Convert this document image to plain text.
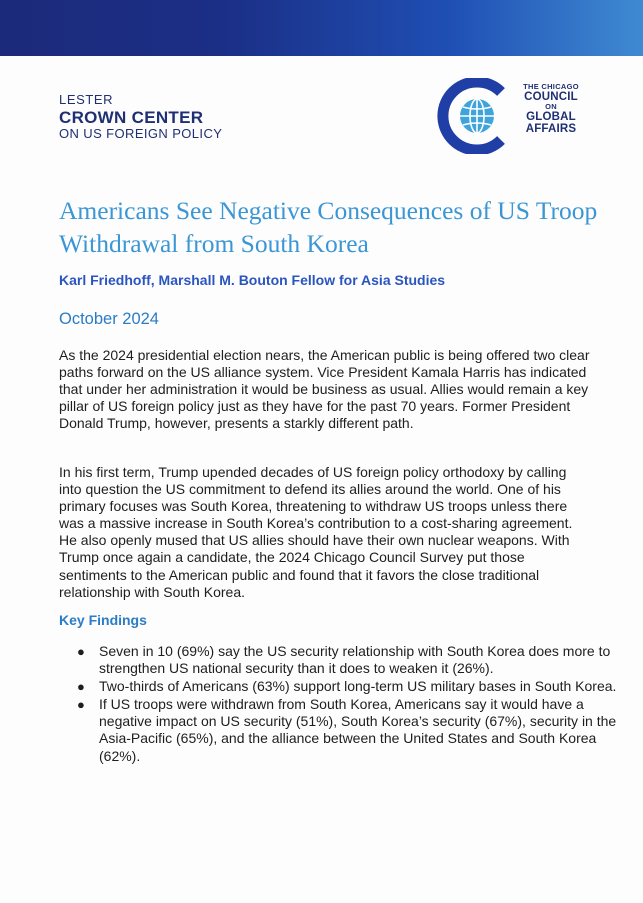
LESTER
CROWN CENTER
ON US FOREIGN POLICY
THE CHICAGO
COUNCIL
ON
GLOBAL
AFFAIRS
Americans See Negative Consequences of US Troop Withdrawal from South Korea
Karl Friedhoff, Marshall M. Bouton Fellow for Asia Studies
October 2024

As the 2024 presidential election nears, the American public is being offered two clear paths forward on the US alliance system. Vice President Kamala Harris has indicated that under her administration it would be business as usual. Allies would remain a key pillar of US foreign policy just as they have for the past 70 years. Former President Donald Trump, however, presents a starkly different path.

In his first term, Trump upended decades of US foreign policy orthodoxy by calling into question the US commitment to defend its allies around the world. One of his primary focuses was South Korea, threatening to withdraw US troops unless there was a massive increase in South Korea’s contribution to a cost-sharing agreement. He also openly mused that US allies should have their own nuclear weapons. With Trump once again a candidate, the 2024 Chicago Council Survey put those sentiments to the American public and found that it favors the close traditional relationship with South Korea.

Key Findings
● Seven in 10 (69%) say the US security relationship with South Korea does more to strengthen US national security than it does to weaken it (26%).
● Two-thirds of Americans (63%) support long-term US military bases in South Korea.
● If US troops were withdrawn from South Korea, Americans say it would have a negative impact on US security (51%), South Korea’s security (67%), security in the Asia-Pacific (65%), and the alliance between the United States and South Korea (62%).
